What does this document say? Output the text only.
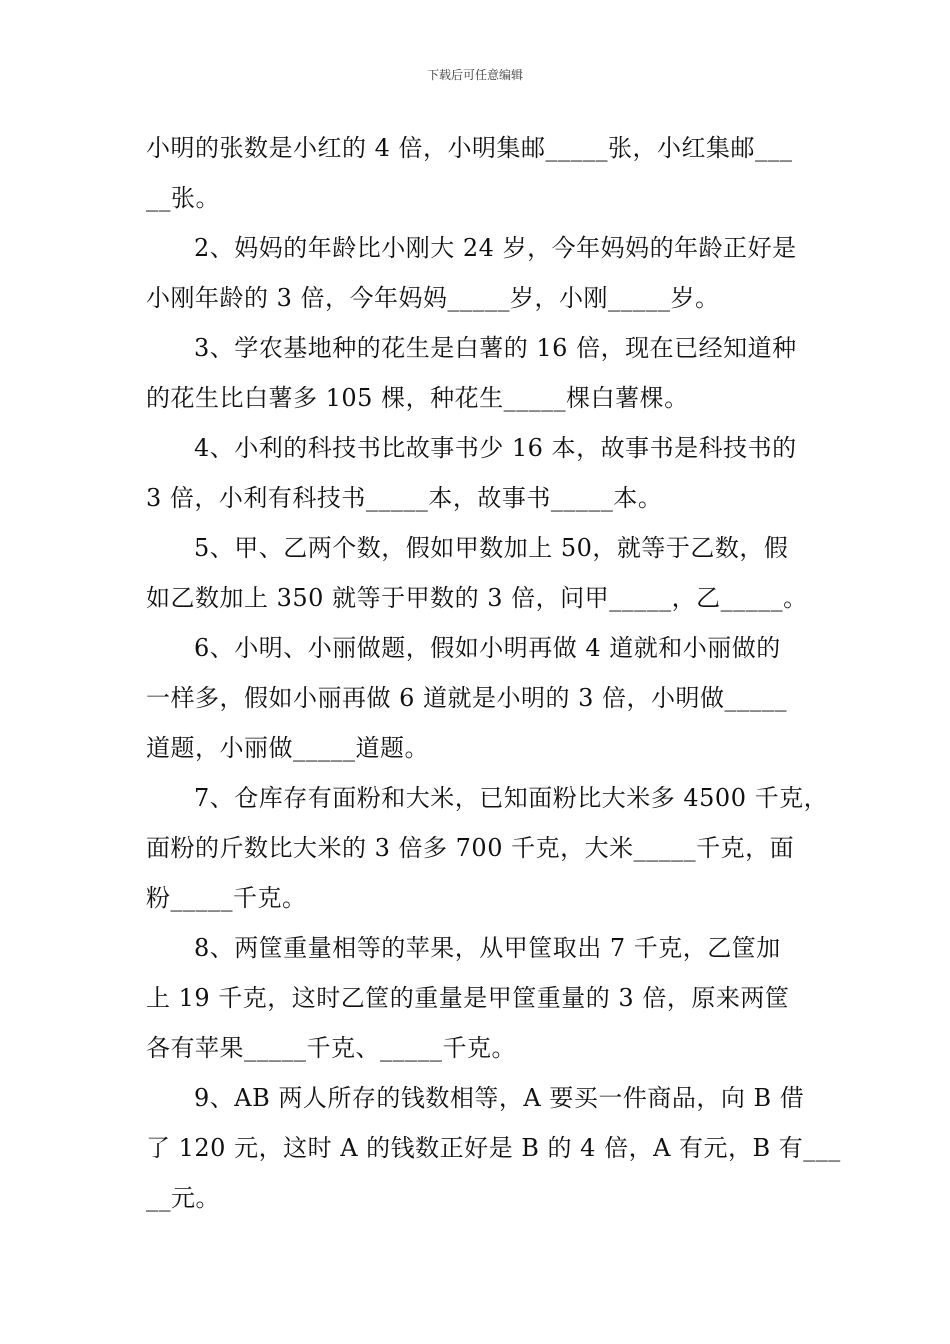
下载后可任意编辑
小明的张数是小红的 4 倍，小明集邮_____张，小红集邮___
__张。
2、妈妈的年龄比小刚大 24 岁，今年妈妈的年龄正好是
小刚年龄的 3 倍，今年妈妈_____岁，小刚_____岁。
3、学农基地种的花生是白薯的 16 倍，现在已经知道种
的花生比白薯多 105 棵，种花生_____棵白薯棵。
4、小利的科技书比故事书少 16 本，故事书是科技书的
3 倍，小利有科技书_____本，故事书_____本。
5、甲、乙两个数，假如甲数加上 50，就等于乙数，假
如乙数加上 350 就等于甲数的 3 倍，问甲_____，乙_____。
6、小明、小丽做题，假如小明再做 4 道就和小丽做的
一样多，假如小丽再做 6 道就是小明的 3 倍，小明做_____
道题，小丽做_____道题。
7、仓库存有面粉和大米，已知面粉比大米多 4500 千克，
面粉的斤数比大米的 3 倍多 700 千克，大米_____千克，面
粉_____千克。
8、两筐重量相等的苹果，从甲筐取出 7 千克，乙筐加
上 19 千克，这时乙筐的重量是甲筐重量的 3 倍，原来两筐
各有苹果_____千克、_____千克。
9、AB 两人所存的钱数相等，A 要买一件商品，向 B 借
了 120 元，这时 A 的钱数正好是 B 的 4 倍，A 有元，B 有___
__元。
